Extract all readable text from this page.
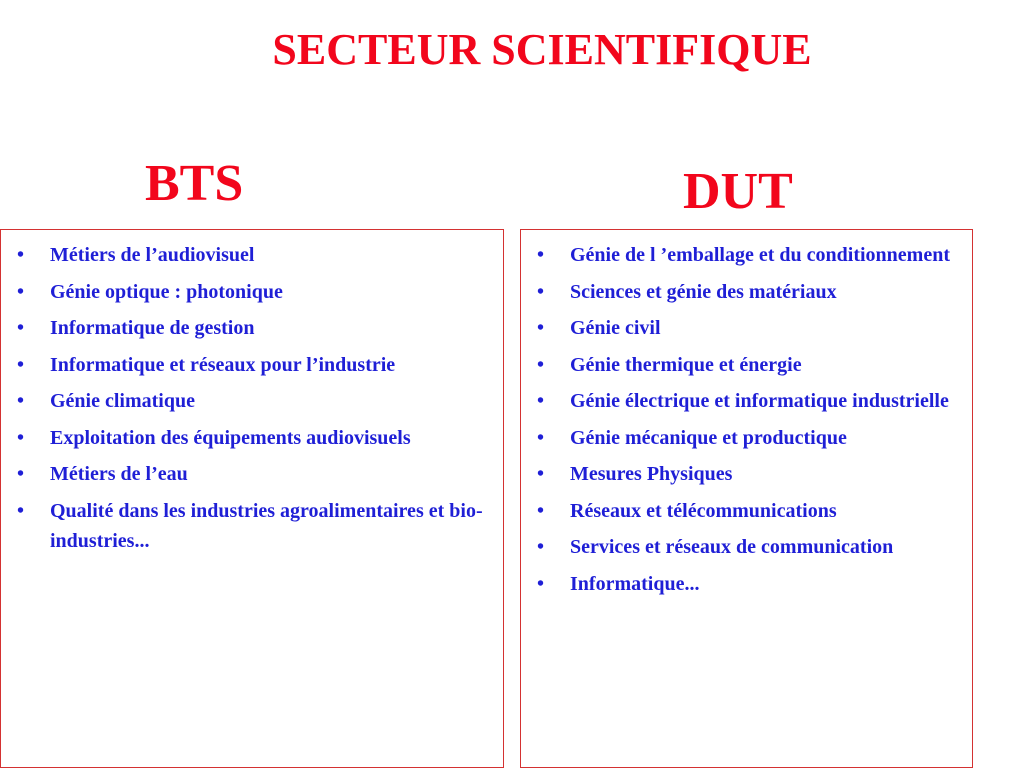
SECTEUR SCIENTIFIQUE
BTS	DUT
• Métiers de l’audiovisuel
• Génie optique : photonique
• Informatique de gestion
• Informatique et réseaux pour l’industrie
• Génie climatique
• Exploitation des équipements audiovisuels
• Métiers de l’eau
• Qualité dans les industries agroalimentaires et bio-industries...
• Génie de l ’emballage et du conditionnement
• Sciences et génie des matériaux
• Génie civil
• Génie thermique et énergie
• Génie électrique et informatique industrielle
• Génie mécanique et productique
• Mesures Physiques
• Réseaux et télécommunications
• Services et réseaux de communication
• Informatique...
